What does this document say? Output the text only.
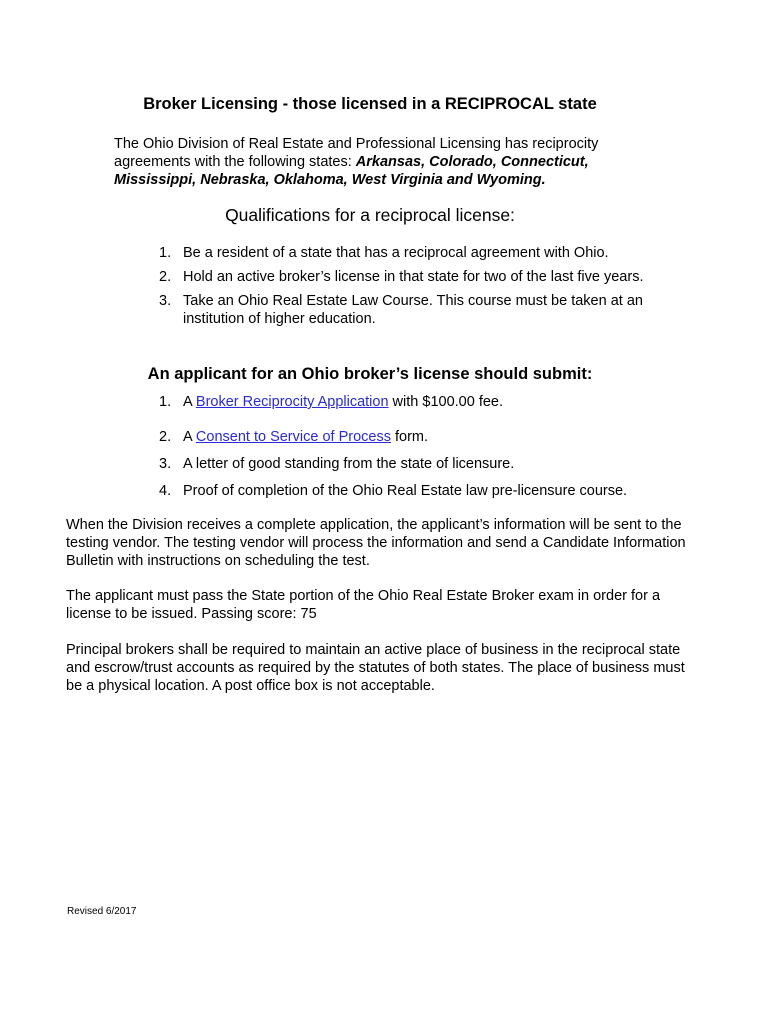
Broker Licensing - those licensed in a RECIPROCAL state
The Ohio Division of Real Estate and Professional Licensing has reciprocity agreements with the following states: Arkansas, Colorado, Connecticut, Mississippi, Nebraska, Oklahoma, West Virginia and Wyoming.
Qualifications for a reciprocal license:
1. Be a resident of a state that has a reciprocal agreement with Ohio.
2. Hold an active broker’s license in that state for two of the last five years.
3. Take an Ohio Real Estate Law Course. This course must be taken at an institution of higher education.
An applicant for an Ohio broker’s license should submit:
1. A Broker Reciprocity Application with $100.00 fee.
2. A Consent to Service of Process form.
3. A letter of good standing from the state of licensure.
4. Proof of completion of the Ohio Real Estate law pre-licensure course.
When the Division receives a complete application, the applicant’s information will be sent to the testing vendor. The testing vendor will process the information and send a Candidate Information Bulletin with instructions on scheduling the test.
The applicant must pass the State portion of the Ohio Real Estate Broker exam in order for a license to be issued. Passing score: 75
Principal brokers shall be required to maintain an active place of business in the reciprocal state and escrow/trust accounts as required by the statutes of both states. The place of business must be a physical location. A post office box is not acceptable.
Revised 6/2017
